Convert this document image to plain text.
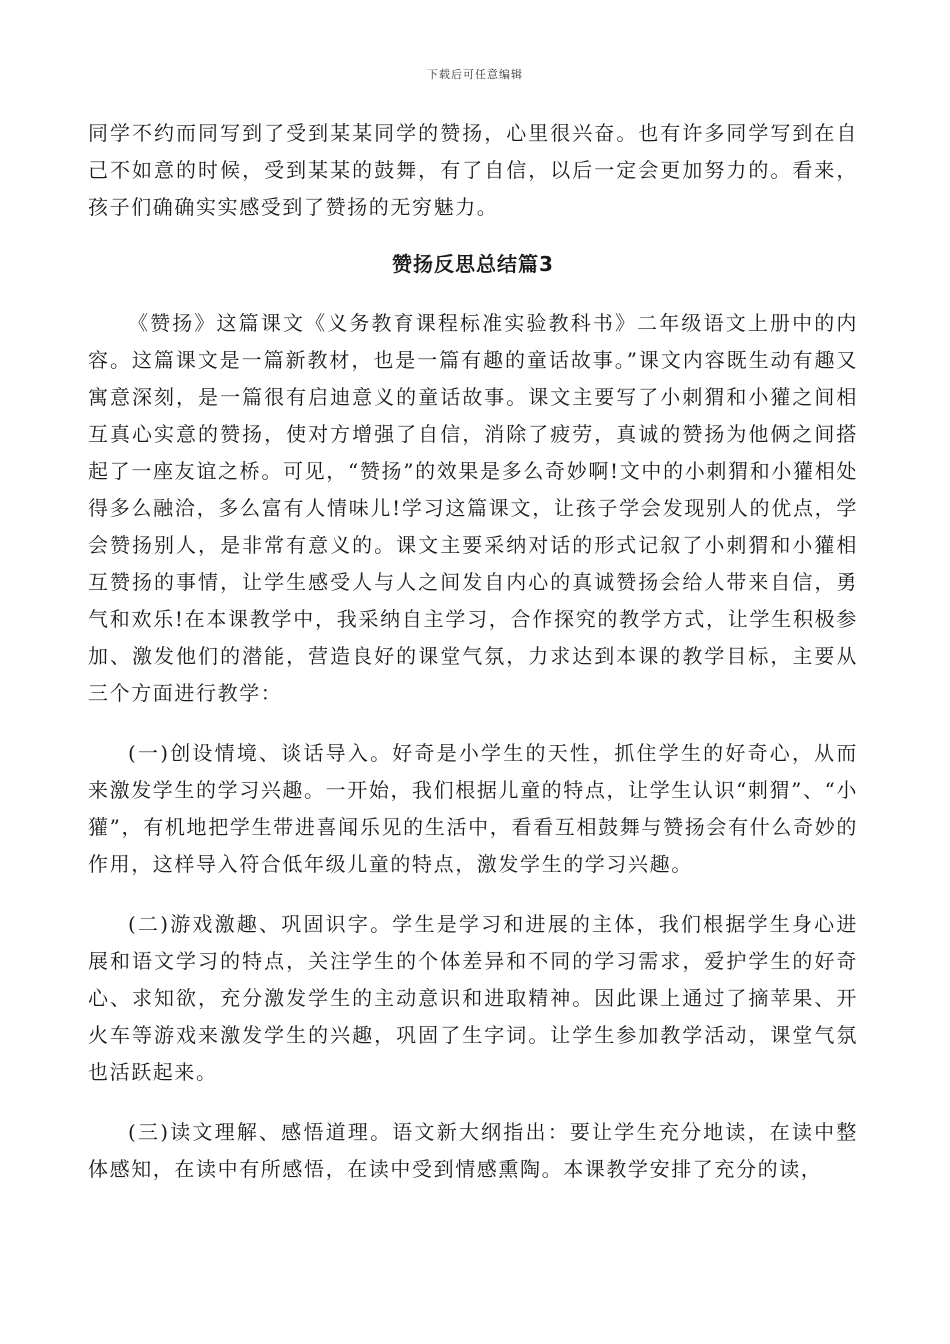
下载后可任意编辑

同学不约而同写到了受到某某同学的赞扬，心里很兴奋。也有许多同学写到在自己不如意的时候，受到某某的鼓舞，有了自信，以后一定会更加努力的。看来，孩子们确确实实感受到了赞扬的无穷魅力。

赞扬反思总结篇3

《赞扬》这篇课文《义务教育课程标准实验教科书》二年级语文上册中的内容。这篇课文是一篇新教材，也是一篇有趣的童话故事。”课文内容既生动有趣又寓意深刻，是一篇很有启迪意义的童话故事。课文主要写了小刺猬和小獾之间相互真心实意的赞扬，使对方增强了自信，消除了疲劳，真诚的赞扬为他俩之间搭起了一座友谊之桥。可见，“赞扬”的效果是多么奇妙啊!文中的小刺猬和小獾相处得多么融洽，多么富有人情味儿!学习这篇课文，让孩子学会发现别人的优点，学会赞扬别人，是非常有意义的。课文主要采纳对话的形式记叙了小刺猬和小獾相互赞扬的事情，让学生感受人与人之间发自内心的真诚赞扬会给人带来自信，勇气和欢乐!在本课教学中，我采纳自主学习，合作探究的教学方式，让学生积极参加、激发他们的潜能，营造良好的课堂气氛，力求达到本课的教学目标，主要从三个方面进行教学：

(一)创设情境、谈话导入。好奇是小学生的天性，抓住学生的好奇心，从而来激发学生的学习兴趣。一开始，我们根据儿童的特点，让学生认识“刺猬”、“小獾”，有机地把学生带进喜闻乐见的生活中，看看互相鼓舞与赞扬会有什么奇妙的作用，这样导入符合低年级儿童的特点，激发学生的学习兴趣。

(二)游戏激趣、巩固识字。学生是学习和进展的主体，我们根据学生身心进展和语文学习的特点，关注学生的个体差异和不同的学习需求，爱护学生的好奇心、求知欲，充分激发学生的主动意识和进取精神。因此课上通过了摘苹果、开火车等游戏来激发学生的兴趣，巩固了生字词。让学生参加教学活动，课堂气氛也活跃起来。

(三)读文理解、感悟道理。语文新大纲指出：要让学生充分地读，在读中整体感知，在读中有所感悟，在读中受到情感熏陶。本课教学安排了充分的读，
